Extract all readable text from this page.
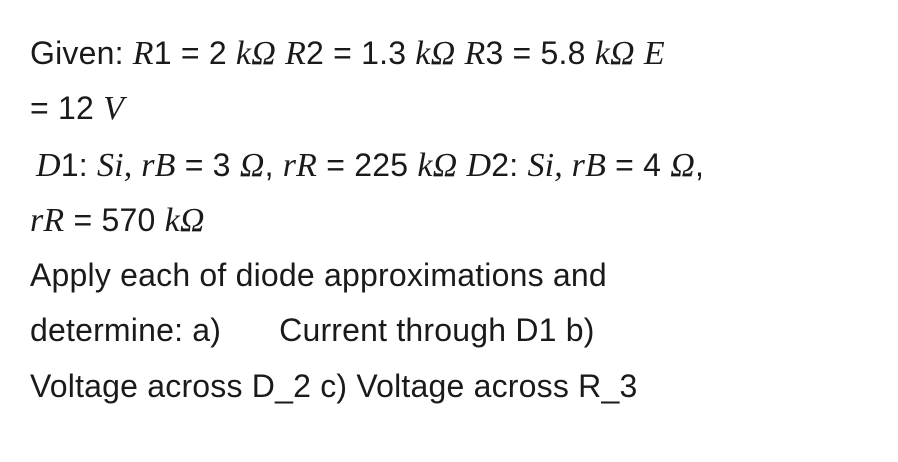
Given: R1 = 2 kΩ R2 = 1.3 kΩ R3 = 5.8 kΩ E
= 12 V
D1: Si, rB = 3 Ω, rR = 225 kΩ D2: Si, rB = 4 Ω,
rR = 570 kΩ
Apply each of diode approximations and
determine: a) Current through D1 b)
Voltage across D_2 c) Voltage across R_3
